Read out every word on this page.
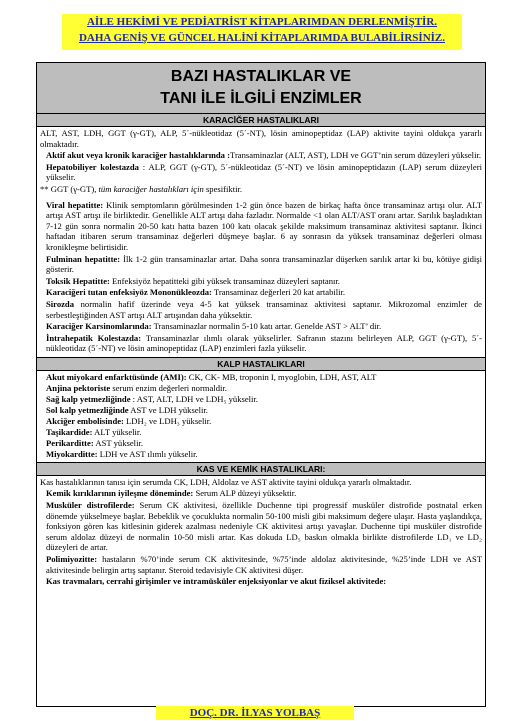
AİLE HEKİMİ VE PEDİATRİST KİTAPLARIMDAN DERLENMİŞTİR.
DAHA GENİŞ VE GÜNCEL HALİNİ KİTAPLARIMDA BULABİLİRSİNİZ.
BAZI HASTALIKLAR VE
TANI İLE İLGİLİ ENZİMLER
KARACİĞER HASTALIKLARI

ALT, AST, LDH, GGT (γ-GT), ALP, 5´-nükleotidaz (5´-NT), lösin aminopeptidaz (LAP) aktivite tayini oldukça yararlı olmaktadır.

Aktif akut veya kronik karaciğer hastalıklarında :Transaminazlar (ALT, AST), LDH ve GGT’nin serum düzeyleri yükselir.

Hepatobiliyer kolestazda : ALP, GGT (γ-GT), 5´-nükleotidaz (5´-NT) ve lösin aminopeptidazın (LAP) serum düzeyleri yükselir.

** GGT (γ-GT), tüm karaciğer hastalıkları için spesifiktir.

Viral hepatitte: Klinik semptomların görülmesinden 1-2 gün önce bazen de birkaç hafta önce transaminaz artışı olur. ALT artışı AST artışı ile birliktedir. Genellikle ALT artışı daha fazladır. Normalde <1 olan ALT/AST oranı artar. Sarılık başladıktan 7-12 gün sonra normalin 20-50 katı hatta bazen 100 katı olacak şekilde maksimum transaminaz aktivitesi saptanır. İkinci haftadan itibaren serum transaminaz değerleri düşmeye başlar. 6 ay sonrasın da yüksek transaminaz değerleri olması kronikleşme belirtisidir.

Fulminan hepatitte: İlk 1-2 gün transaminazlar artar. Daha sonra transaminazlar düşerken sarılık artar ki bu, kötüye gidişi gösterir.

Toksik Hepatitte: Enfeksiyöz hepatitteki gibi yüksek transaminaz düzeyleri saptanır.

Karaciğeri tutan enfeksiyöz Mononükleozda: Transaminaz değerleri 20 kat artabilir.

Sirozda normalin hafif üzerinde veya 4-5 kat yüksek transaminaz aktivitesi saptanır. Mikrozomal enzimler de serbestleştiğinden AST artışı ALT artışından daha yüksektir.

Karaciğer Karsinomlarında: Transaminazlar normalin 5-10 katı artar. Genelde AST > ALT’ dir.

İntrahepatik Kolestazda: Transaminazlar ılımlı olarak yükselirler. Safranın stazını belirleyen ALP, GGT (γ-GT), 5´-nükleotidaz (5´-NT) ve lösin aminopeptidaz (LAP) enzimleri fazla yükselir.

KALP HASTALIKLARI

Akut miyokard enfarktüsünde (AMI): CK, CK- MB, troponin I, myoglobin, LDH, AST, ALT

Anjina pektoriste serum enzim değerleri normaldir.

Sağ kalp yetmezliğinde : AST, ALT, LDH ve LDH₅ yükselir.

Sol kalp yetmezliğinde AST ve LDH yükselir.

Akciğer embolisinde: LDH₂ ve LDH₃ yükselir.

Taşikardide: ALT yükselir.

Perikarditte: AST yükselir.

Miyokarditte: LDH ve AST ılımlı yükselir.

KAS VE KEMİK HASTALIKLARI:

Kas hastalıklarının tanısı için serumda CK, LDH, Aldolaz ve AST aktivite tayini oldukça yararlı olmaktadır.

Kemik kırıklarının iyileşme döneminde: Serum ALP düzeyi yüksektir.

Musküler distrofilerde: Serum CK aktivitesi, özellikle Duchenne tipi progressif musküler distrofide postnatal erken dönemde yükselmeye başlar. Bebeklik ve çocuklukta normalin 50-100 misli gibi maksimum değere ulaşır. Hasta yaşlandıkça, fonksiyon gören kas kitlesinin giderek azalması nedeniyle CK aktivitesi artışı yavaşlar. Duchenne tipi musküler distrofide serum aldolaz düzeyi de normalin 10-50 misli artar. Kas dokuda LD₅ baskın olmakla birlikte distrofilerde LD₁ ve LD₂ düzeyleri de artar.

Polimiyozitte: hastaların %70’inde serum CK aktivitesinde, %75’inde aldolaz aktivitesinde, %25’inde LDH ve AST aktivitesinde belirgin artış saptanır. Steroid tedavisiyle CK aktivitesi düşer.

Kas travmaları, cerrahi girişimler ve intramüsküler enjeksiyonlar ve akut fiziksel aktivitede:

DOÇ. DR. İLYAS YOLBAŞ
